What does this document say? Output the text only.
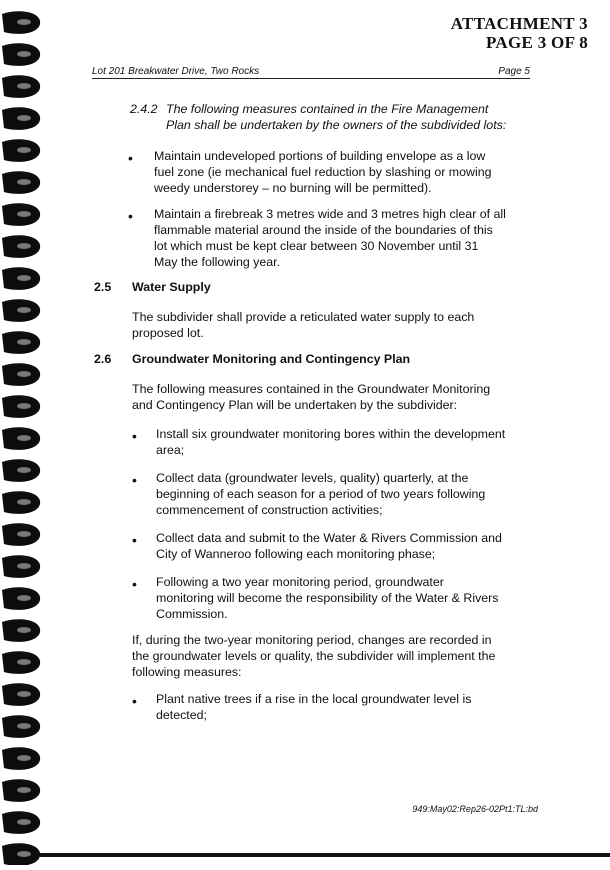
ATTACHMENT 3
PAGE 3 OF 8
Lot 201 Breakwater Drive, Two Rocks	Page 5
2.4.2 The following measures contained in the Fire Management
Plan shall be undertaken by the owners of the subdivided lots:
• Maintain undeveloped portions of building envelope as a low
fuel zone (ie mechanical fuel reduction by slashing or mowing
weedy understorey – no burning will be permitted).
• Maintain a firebreak 3 metres wide and 3 metres high clear of all
flammable material around the inside of the boundaries of this
lot which must be kept clear between 30 November until 31
May the following year.
2.5 Water Supply
The subdivider shall provide a reticulated water supply to each
proposed lot.
2.6 Groundwater Monitoring and Contingency Plan
The following measures contained in the Groundwater Monitoring
and Contingency Plan will be undertaken by the subdivider:
• Install six groundwater monitoring bores within the development
area;
• Collect data (groundwater levels, quality) quarterly, at the
beginning of each season for a period of two years following
commencement of construction activities;
• Collect data and submit to the Water & Rivers Commission and
City of Wanneroo following each monitoring phase;
• Following a two year monitoring period, groundwater
monitoring will become the responsibility of the Water & Rivers
Commission.
If, during the two-year monitoring period, changes are recorded in
the groundwater levels or quality, the subdivider will implement the
following measures:
• Plant native trees if a rise in the local groundwater level is
detected;
949:May02:Rep26-02Pt1:TL:bd
